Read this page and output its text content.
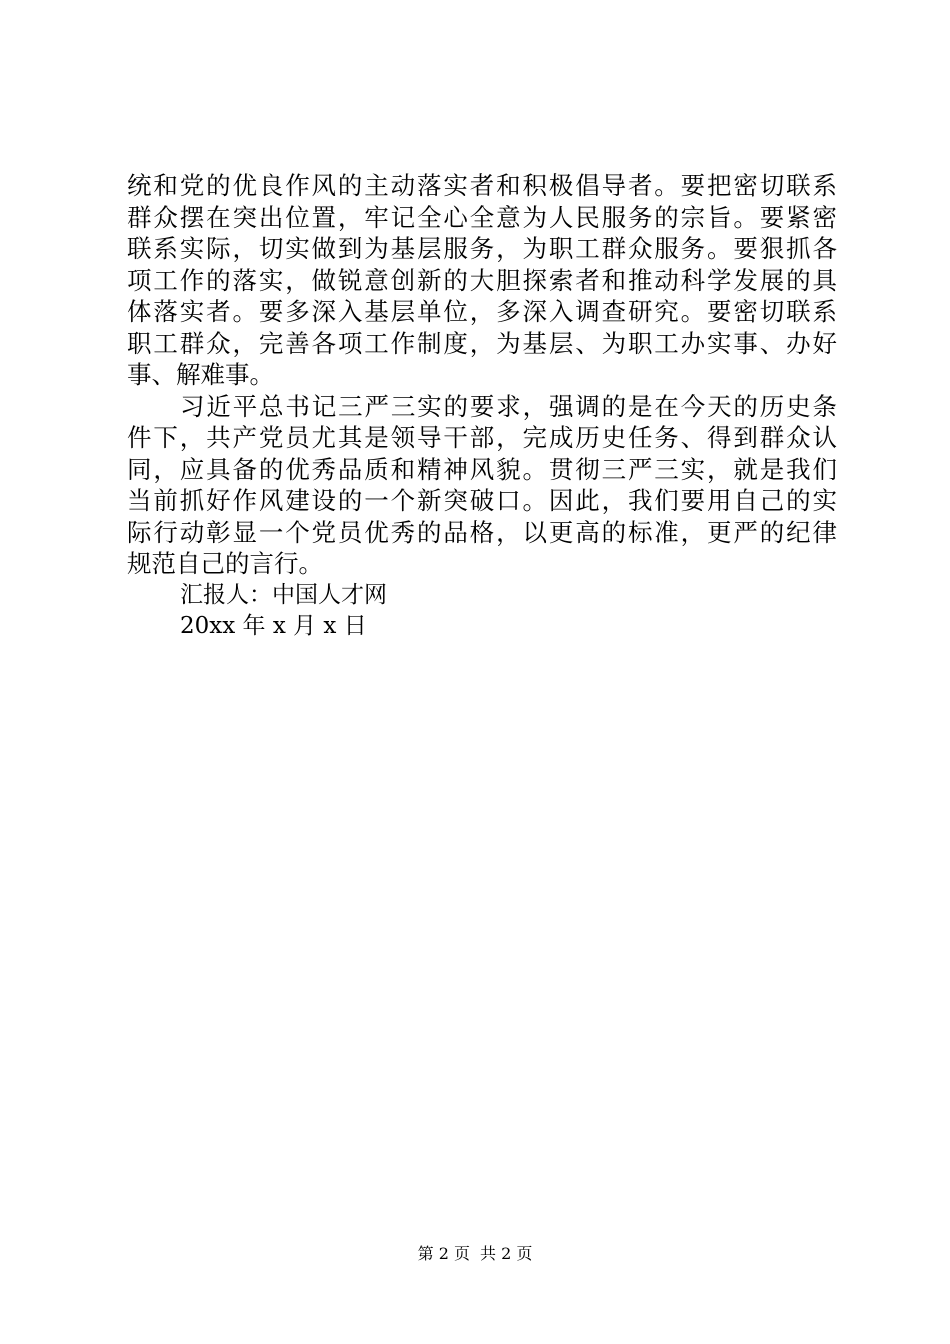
统和党的优良作风的主动落实者和积极倡导者。要把密切联系
群众摆在突出位置，牢记全心全意为人民服务的宗旨。要紧密
联系实际，切实做到为基层服务，为职工群众服务。要狠抓各
项工作的落实，做锐意创新的大胆探索者和推动科学发展的具
体落实者。要多深入基层单位，多深入调查研究。要密切联系
职工群众，完善各项工作制度，为基层、为职工办实事、办好
事、解难事。
习近平总书记三严三实的要求，强调的是在今天的历史条
件下，共产党员尤其是领导干部，完成历史任务、得到群众认
同，应具备的优秀品质和精神风貌。贯彻三严三实，就是我们
当前抓好作风建设的一个新突破口。因此，我们要用自己的实
际行动彰显一个党员优秀的品格，以更高的标准，更严的纪律
规范自己的言行。
汇报人：中国人才网
20xx 年 x 月 x 日
第 2 页 共 2 页
